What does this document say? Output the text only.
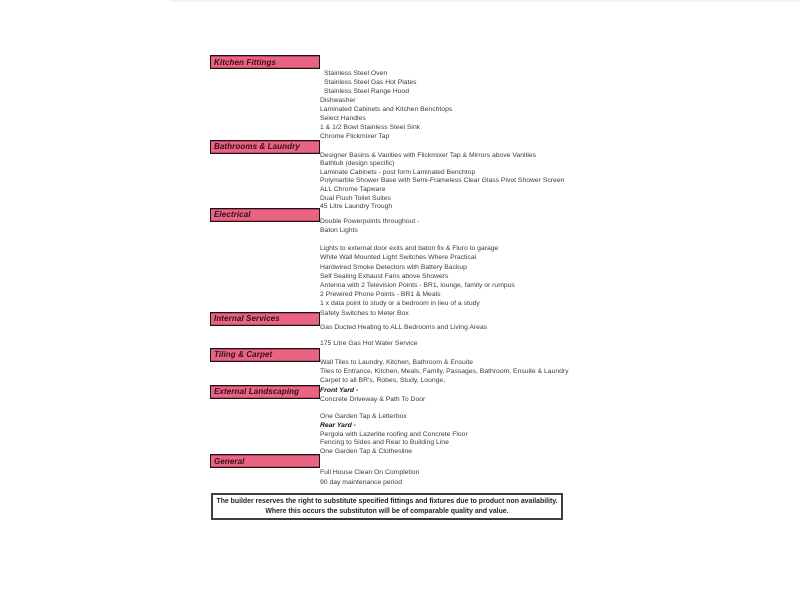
Kitchen Fittings
Stainless Steel Oven
Stainless Steel Gas Hot Plates
Stainless Steel Range Hood
Dishwasher
Laminated Cabinets and Kitchen Benchtops
Select Handles
1 & 1/2 Bowl Stainless Steel Sink
Chrome Flickmixer Tap
Bathrooms & Laundry
Designer Basins & Vanities with Flickmixer Tap & Mirrors above Vanities
Bathtub (design specific)
Laminate Cabinets - post form Laminated Benchtop
Polymarble Shower Base with Semi-Frameless Clear Glass Pivot Shower Screen
ALL Chrome Tapware
Dual Flush Toilet Suites
45 Litre Laundry Trough
Electrical
Double Powerpoints throughout -
Baton Lights
Lights to external door exits and baton fix & Fluro to garage
White Wall Mounted Light Switches Where Practical
Hardwired Smoke Detectors with Battery Backup
Self Sealing Exhaust Fans above Showers
Antenna with 2 Television Points - BR1, lounge, family or rumpus
2 Prewired Phone Points - BR1 & Meals
1 x data point to study or a bedroom in lieu of a study
Safety Switches to Meter Box
Internal Services
Gas Ducted Heating to ALL Bedrooms and Living Areas
175 Litre Gas Hot Water Service
Tiling & Carpet
Wall Tiles to Laundry, Kitchen, Bathroom & Ensuite
Tiles to Entrance, Kitchen, Meals, Family, Passages, Bathroom, Ensuite & Laundry
Carpet to all BR's, Robes, Study, Lounge,
External Landscaping	Front Yard -
Concrete Driveway & Path To Door
One Garden Tap & Letterbox
Rear Yard -
Pergola with Lazerlite roofing and Concrete Floor
Fencing to Sides and Rear to Building Line
One Garden Tap & Clothesline
General
Full House Clean On Completion
90 day maintenance period
The builder reserves the right to substitute specified fittings and fixtures due to product non availability.
Where this occurs the substituton will be of comparable quality and value.
